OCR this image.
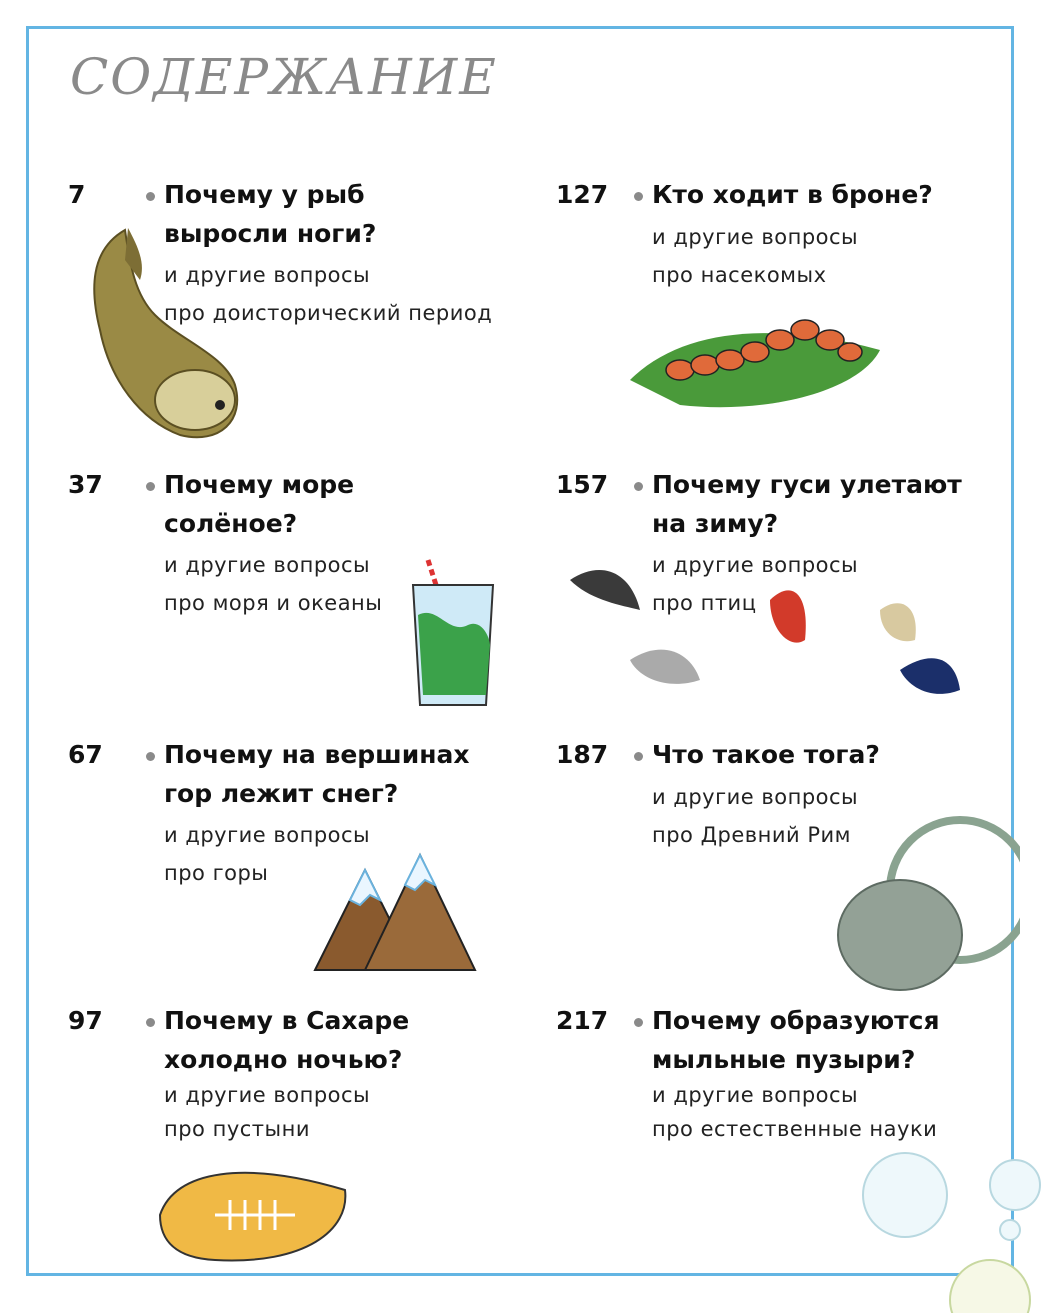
СОДЕРЖАНИЕ
7	Почему у рыб
выросли ноги?
и другие вопросы
про доисторический период
127 Кто ходит в броне?
и другие вопросы
про насекомых
37 Почему море
солёное?
и другие вопросы
про моря и океаны
157 Почему гуси улетают
на зиму?
и другие вопросы
про птиц
67 Почему на вершинах
гор лежит снег?
и другие вопросы
про горы
187 Что такое тога?
и другие вопросы
про Древний Рим
97 Почему в Сахаре
холодно ночью?
и другие вопросы
про пустыни
217 Почему образуются
мыльные пузыри?
и другие вопросы
про естественные науки
